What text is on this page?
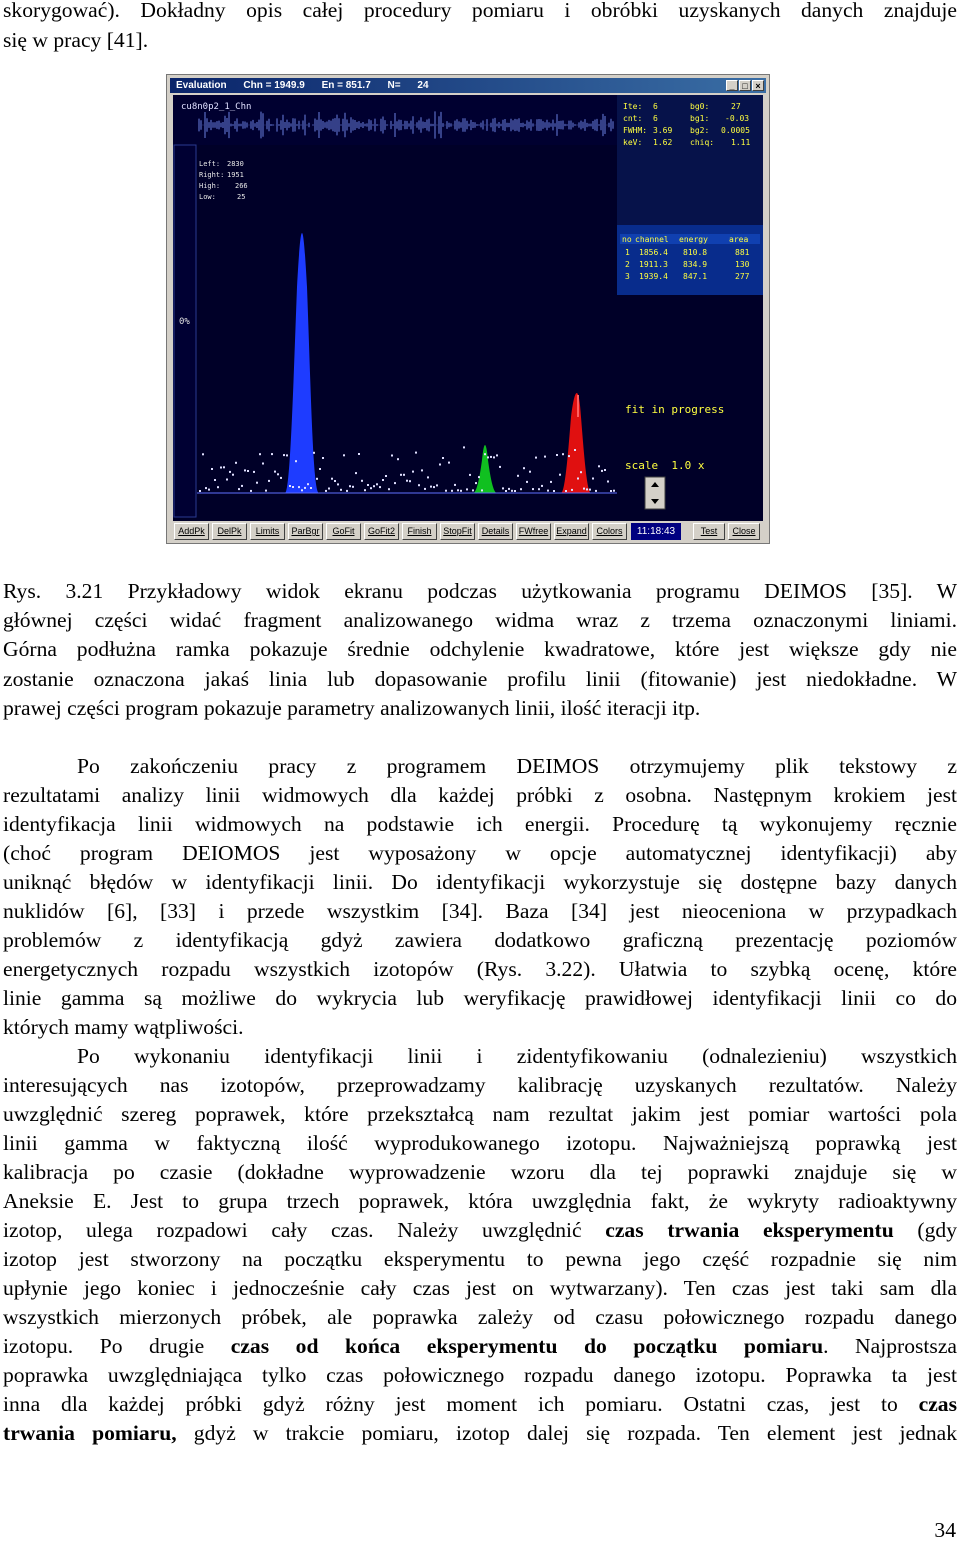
skorygować). Dokładny opis całej procedury pomiaru i obróbki uzyskanych danych znajduje
się w pracy [41].
Evaluation Chn = 1949.9 En = 851.7 N= 24	_ □ ×
cu8n0p2_1_Chn
0%
Left: 2830
Right: 1951
High: 266
Low:	25
Ite: 6	bg0:	27
cnt: 6	bg1: -0.03
FWHM: 3.69 bg2: 0.0005
keV: 1.62 chiq: 1.11
no channel energy	area
1 1856.4 810.8	881
2 1911.3 834.9	130
3 1939.4 847.1	277
fit in progress
scale  1.0 x
AddPk	DelPk	Limits	ParBgr	GoFit	GoFit2	Finish	StopFit	Details	FWfree Expand	Colors	11:18:43	Test	Close
Rys. 3.21 Przykładowy widok ekranu podczas użytkowania programu DEIMOS [35]. W
głównej części widać fragment analizowanego widma wraz z trzema oznaczonymi liniami.
Górna podłużna ramka pokazuje średnie odchylenie kwadratowe, które jest większe gdy nie
zostanie oznaczona jakaś linia lub dopasowanie profilu linii (fitowanie) jest niedokładne. W
prawej części program pokazuje parametry analizowanych linii, ilość iteracji itp.
Po zakończeniu pracy z programem DEIMOS otrzymujemy plik tekstowy z
rezultatami analizy linii widmowych dla każdej próbki z osobna. Następnym krokiem jest
identyfikacja linii widmowych na podstawie ich energii. Procedurę tą wykonujemy ręcznie
(choć program DEIOMOS jest wyposażony w opcje automatycznej identyfikacji) aby
uniknąć błędów w identyfikacji linii. Do identyfikacji wykorzystuje się dostępne bazy danych
nuklidów [6], [33] i przede wszystkim [34]. Baza [34] jest nieoceniona w przypadkach
problemów z identyfikacją gdyż zawiera dodatkowo graficzną prezentację poziomów
energetycznych rozpadu wszystkich izotopów (Rys. 3.22). Ułatwia to szybką ocenę, które
linie gamma są możliwe do wykrycia lub weryfikację prawidłowej identyfikacji linii co do
których mamy wątpliwości.
Po wykonaniu identyfikacji linii i zidentyfikowaniu (odnalezieniu) wszystkich
interesujących nas izotopów, przeprowadzamy kalibrację uzyskanych rezultatów. Należy
uwzględnić szereg poprawek, które przekształcą nam rezultat jakim jest pomiar wartości pola
linii gamma w faktyczną ilość wyprodukowanego izotopu. Najważniejszą poprawką jest
kalibracja po czasie (dokładne wyprowadzenie wzoru dla tej poprawki znajduje się w
Aneksie E. Jest to grupa trzech poprawek, która uwzględnia fakt, że wykryty radioaktywny
izotop, ulega rozpadowi cały czas. Należy uwzględnić czas trwania eksperymentu (gdy
izotop jest stworzony na początku eksperymentu to pewna jego część rozpadnie się nim
upłynie jego koniec i jednocześnie cały czas jest on wytwarzany). Ten czas jest taki sam dla
wszystkich mierzonych próbek, ale poprawka zależy od czasu połowicznego rozpadu danego
izotopu. Po drugie czas od końca eksperymentu do początku pomiaru. Najprostsza
poprawka uwzględniająca tylko czas połowicznego rozpadu danego izotopu. Poprawka ta jest
inna dla każdej próbki gdyż różny jest moment ich pomiaru. Ostatni czas, jest to czas
trwania pomiaru, gdyż w trakcie pomiaru, izotop dalej się rozpada. Ten element jest jednak
34
